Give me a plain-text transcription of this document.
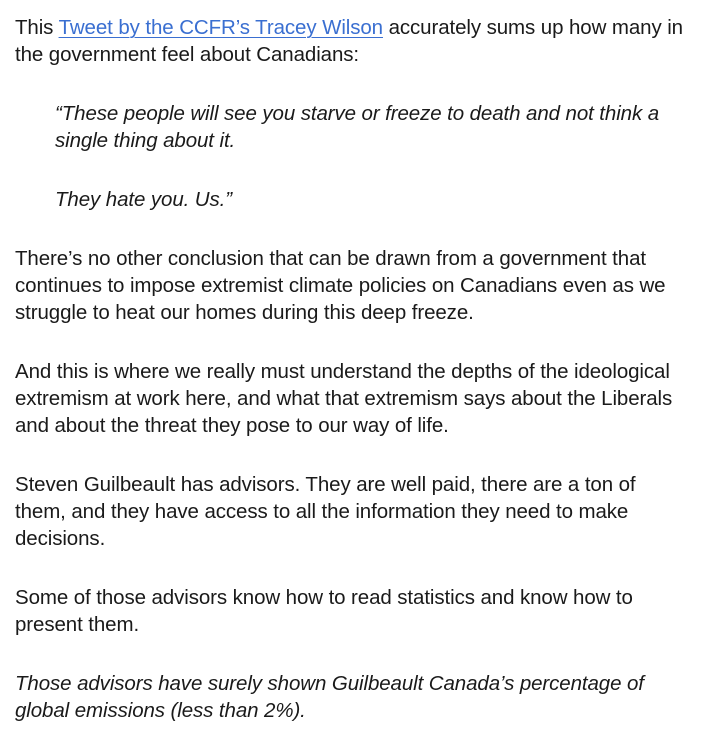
This Tweet by the CCFR’s Tracey Wilson accurately sums up how many in the government feel about Canadians:

“These people will see you starve or freeze to death and not think a single thing about it.

They hate you. Us.”

There’s no other conclusion that can be drawn from a government that continues to impose extremist climate policies on Canadians even as we struggle to heat our homes during this deep freeze.

And this is where we really must understand the depths of the ideological extremism at work here, and what that extremism says about the Liberals and about the threat they pose to our way of life.

Steven Guilbeault has advisors. They are well paid, there are a ton of them, and they have access to all the information they need to make decisions.

Some of those advisors know how to read statistics and know how to present them.

Those advisors have surely shown Guilbeault Canada’s percentage of global emissions (less than 2%).
